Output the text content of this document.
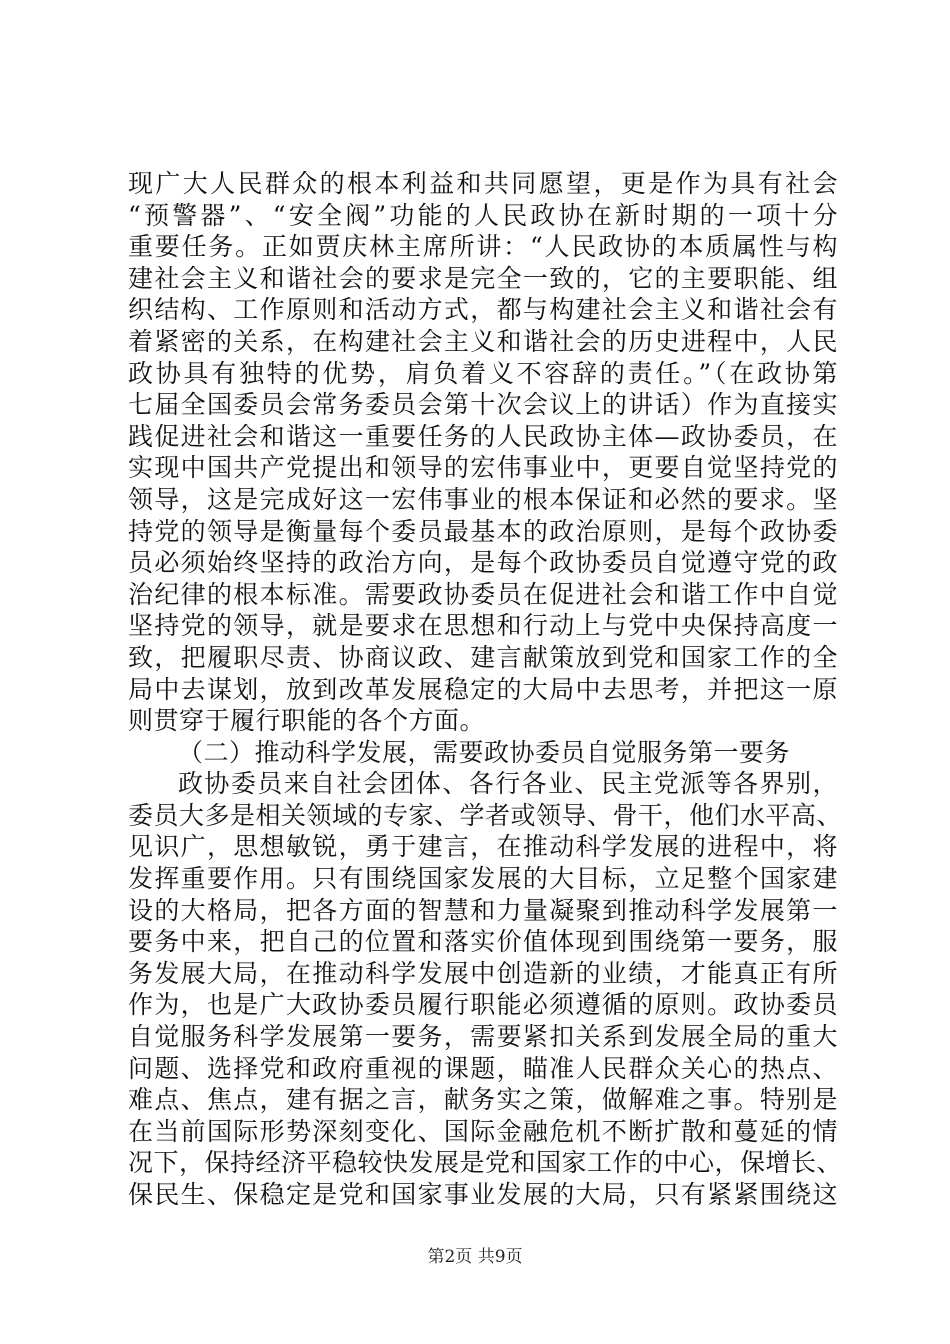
现广大人民群众的根本利益和共同愿望，更是作为具有社会
“预警器”、“安全阀”功能的人民政协在新时期的一项十分
重要任务。正如贾庆林主席所讲：“人民政协的本质属性与构
建社会主义和谐社会的要求是完全一致的，它的主要职能、组
织结构、工作原则和活动方式，都与构建社会主义和谐社会有
着紧密的关系，在构建社会主义和谐社会的历史进程中，人民
政协具有独特的优势，肩负着义不容辞的责任。”（在政协第
七届全国委员会常务委员会第十次会议上的讲话）作为直接实
践促进社会和谐这一重要任务的人民政协主体—政协委员，在
实现中国共产党提出和领导的宏伟事业中，更要自觉坚持党的
领导，这是完成好这一宏伟事业的根本保证和必然的要求。坚
持党的领导是衡量每个委员最基本的政治原则，是每个政协委
员必须始终坚持的政治方向，是每个政协委员自觉遵守党的政
治纪律的根本标准。需要政协委员在促进社会和谐工作中自觉
坚持党的领导，就是要求在思想和行动上与党中央保持高度一
致，把履职尽责、协商议政、建言献策放到党和国家工作的全
局中去谋划，放到改革发展稳定的大局中去思考，并把这一原
则贯穿于履行职能的各个方面。
（二）推动科学发展，需要政协委员自觉服务第一要务
政协委员来自社会团体、各行各业、民主党派等各界别，
委员大多是相关领域的专家、学者或领导、骨干，他们水平高、
见识广，思想敏锐，勇于建言，在推动科学发展的进程中，将
发挥重要作用。只有围绕国家发展的大目标，立足整个国家建
设的大格局，把各方面的智慧和力量凝聚到推动科学发展第一
要务中来，把自己的位置和落实价值体现到围绕第一要务，服
务发展大局，在推动科学发展中创造新的业绩，才能真正有所
作为，也是广大政协委员履行职能必须遵循的原则。政协委员
自觉服务科学发展第一要务，需要紧扣关系到发展全局的重大
问题、选择党和政府重视的课题，瞄准人民群众关心的热点、
难点、焦点，建有据之言，献务实之策，做解难之事。特别是
在当前国际形势深刻变化、国际金融危机不断扩散和蔓延的情
况下，保持经济平稳较快发展是党和国家工作的中心，保增长、
保民生、保稳定是党和国家事业发展的大局，只有紧紧围绕这
第2页 共9页
